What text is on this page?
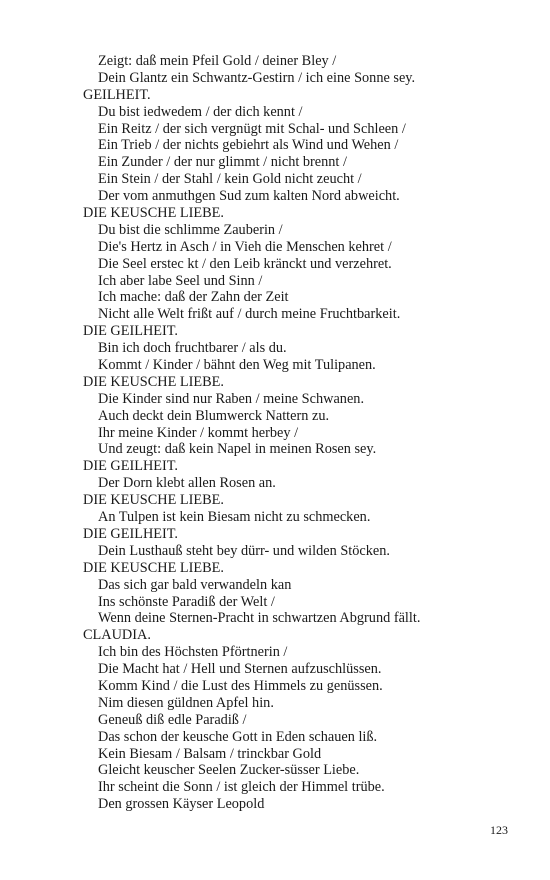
Zeigt: daß mein Pfeil Gold / deiner Bley /
Dein Glantz ein Schwantz-Gestirn / ich eine Sonne sey.
GEILHEIT.
Du bist iedwedem / der dich kennt /
Ein Reitz / der sich vergnügt mit Schal- und Schleen /
Ein Trieb / der nichts gebiehrt als Wind und Wehen /
Ein Zunder / der nur glimmt / nicht brennt /
Ein Stein / der Stahl / kein Gold nicht zeucht /
Der vom anmuthgen Sud zum kalten Nord abweicht.
DIE KEUSCHE LIEBE.
Du bist die schlimme Zauberin /
Die's Hertz in Asch / in Vieh die Menschen kehret /
Die Seel erstec kt / den Leib kränckt und verzehret.
Ich aber labe Seel und Sinn /
Ich mache: daß der Zahn der Zeit
Nicht alle Welt frißt auf / durch meine Fruchtbarkeit.
DIE GEILHEIT.
Bin ich doch fruchtbarer / als du.
Kommt / Kinder / bähnt den Weg mit Tulipanen.
DIE KEUSCHE LIEBE.
Die Kinder sind nur Raben / meine Schwanen.
Auch deckt dein Blumwerck Nattern zu.
Ihr meine Kinder / kommt herbey /
Und zeugt: daß kein Napel in meinen Rosen sey.
DIE GEILHEIT.
Der Dorn klebt allen Rosen an.
DIE KEUSCHE LIEBE.
An Tulpen ist kein Biesam nicht zu schmecken.
DIE GEILHEIT.
Dein Lusthauß steht bey dürr- und wilden Stöcken.
DIE KEUSCHE LIEBE.
Das sich gar bald verwandeln kan
Ins schönste Paradiß der Welt /
Wenn deine Sternen-Pracht in schwartzen Abgrund fällt.
CLAUDIA.
Ich bin des Höchsten Pförtnerin /
Die Macht hat / Hell und Sternen aufzuschlüssen.
Komm Kind / die Lust des Himmels zu genüssen.
Nim diesen güldnen Apfel hin.
Geneuß diß edle Paradiß /
Das schon der keusche Gott in Eden schauen liß.
Kein Biesam / Balsam / trinckbar Gold
Gleicht keuscher Seelen Zucker-süsser Liebe.
Ihr scheint die Sonn / ist gleich der Himmel trübe.
Den grossen Käyser Leopold
123
